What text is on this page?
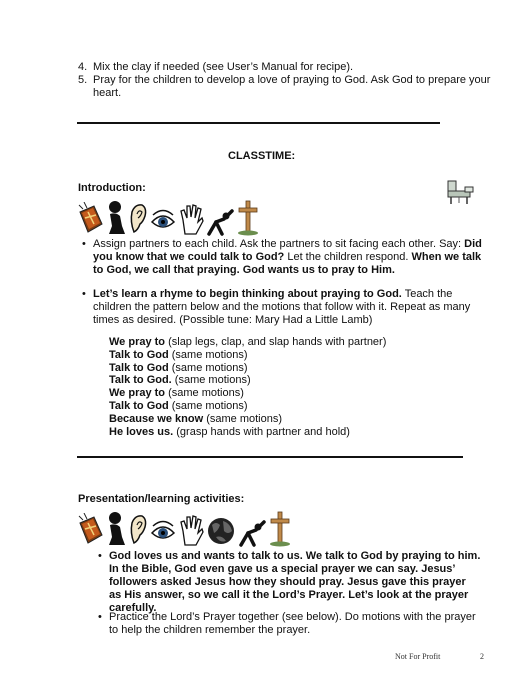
4. Mix the clay if needed (see User’s Manual for recipe).
5. Pray for the children to develop a love of praying to God. Ask God to prepare your
heart.
CLASSTIME:
Introduction:
• Assign partners to each child. Ask the partners to sit facing each other. Say: Did you know that we could talk to God? Let the children respond. When we talk to God, we call that praying. God wants us to pray to Him.
• Let’s learn a rhyme to begin thinking about praying to God. Teach the children the pattern below and the motions that follow with it. Repeat as many times as desired. (Possible tune: Mary Had a Little Lamb)
We pray to (slap legs, clap, and slap hands with partner)
Talk to God (same motions)
Talk to God (same motions)
Talk to God. (same motions)
We pray to (same motions)
Talk to God (same motions)
Because we know (same motions)
He loves us. (grasp hands with partner and hold)
Presentation/learning activities:
• God loves us and wants to talk to us. We talk to God by praying to him. In the Bible, God even gave us a special prayer we can say. Jesus’ followers asked Jesus how they should pray. Jesus gave this prayer as His answer, so we call it the Lord’s Prayer. Let’s look at the prayer carefully.
• Practice the Lord’s Prayer together (see below). Do motions with the prayer to help the children remember the prayer.
Not For Profit	2
